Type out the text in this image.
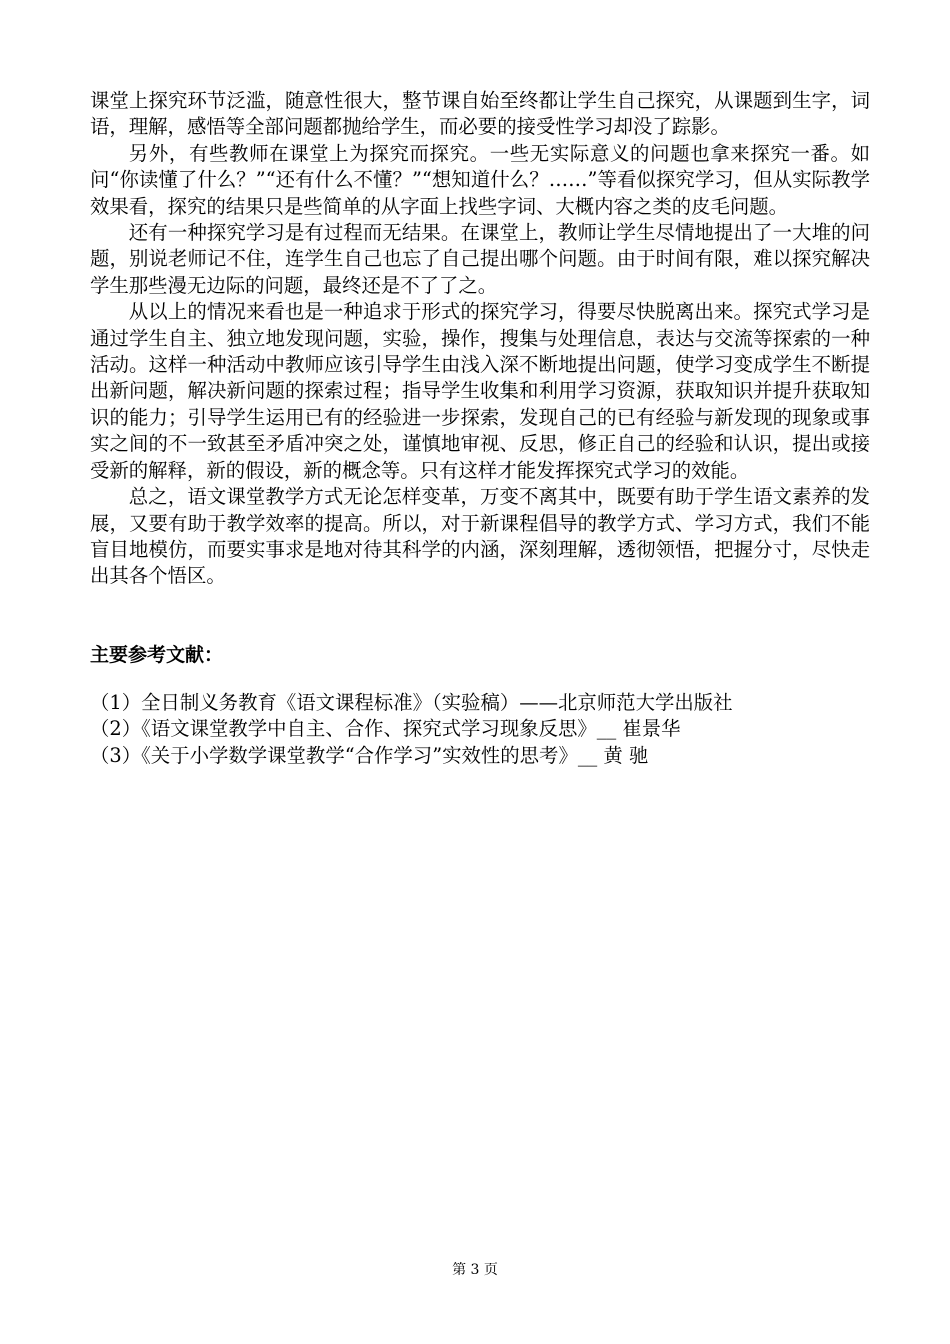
课堂上探究环节泛滥，随意性很大，整节课自始至终都让学生自己探究，从课题到生字，词语，理解，感悟等全部问题都抛给学生，而必要的接受性学习却没了踪影。

另外，有些教师在课堂上为探究而探究。一些无实际意义的问题也拿来探究一番。如问“你读懂了什么？”“还有什么不懂？”“想知道什么？……”等看似探究学习，但从实际教学效果看，探究的结果只是些简单的从字面上找些字词、大概内容之类的皮毛问题。

还有一种探究学习是有过程而无结果。在课堂上，教师让学生尽情地提出了一大堆的问题，别说老师记不住，连学生自己也忘了自己提出哪个问题。由于时间有限，难以探究解决学生那些漫无边际的问题，最终还是不了了之。

从以上的情况来看也是一种追求于形式的探究学习，得要尽快脱离出来。探究式学习是通过学生自主、独立地发现问题，实验，操作，搜集与处理信息，表达与交流等探索的一种活动。这样一种活动中教师应该引导学生由浅入深不断地提出问题，使学习变成学生不断提出新问题，解决新问题的探索过程；指导学生收集和利用学习资源，获取知识并提升获取知识的能力；引导学生运用已有的经验进一步探索，发现自己的已有经验与新发现的现象或事实之间的不一致甚至矛盾冲突之处，谨慎地审视、反思，修正自己的经验和认识，提出或接受新的解释，新的假设，新的概念等。只有这样才能发挥探究式学习的效能。

总之，语文课堂教学方式无论怎样变革，万变不离其中，既要有助于学生语文素养的发展，又要有助于教学效率的提高。所以，对于新课程倡导的教学方式、学习方式，我们不能盲目地模仿，而要实事求是地对待其科学的内涵，深刻理解，透彻领悟，把握分寸，尽快走出其各个悟区。

主要参考文献：
（1）全日制义务教育《语文课程标准》（实验稿）——北京师范大学出版社
（2）《语文课堂教学中自主、合作、探究式学习现象反思》__ 崔景华
（3）《关于小学数学课堂教学“合作学习”实效性的思考》__ 黄 驰
第 3 页
